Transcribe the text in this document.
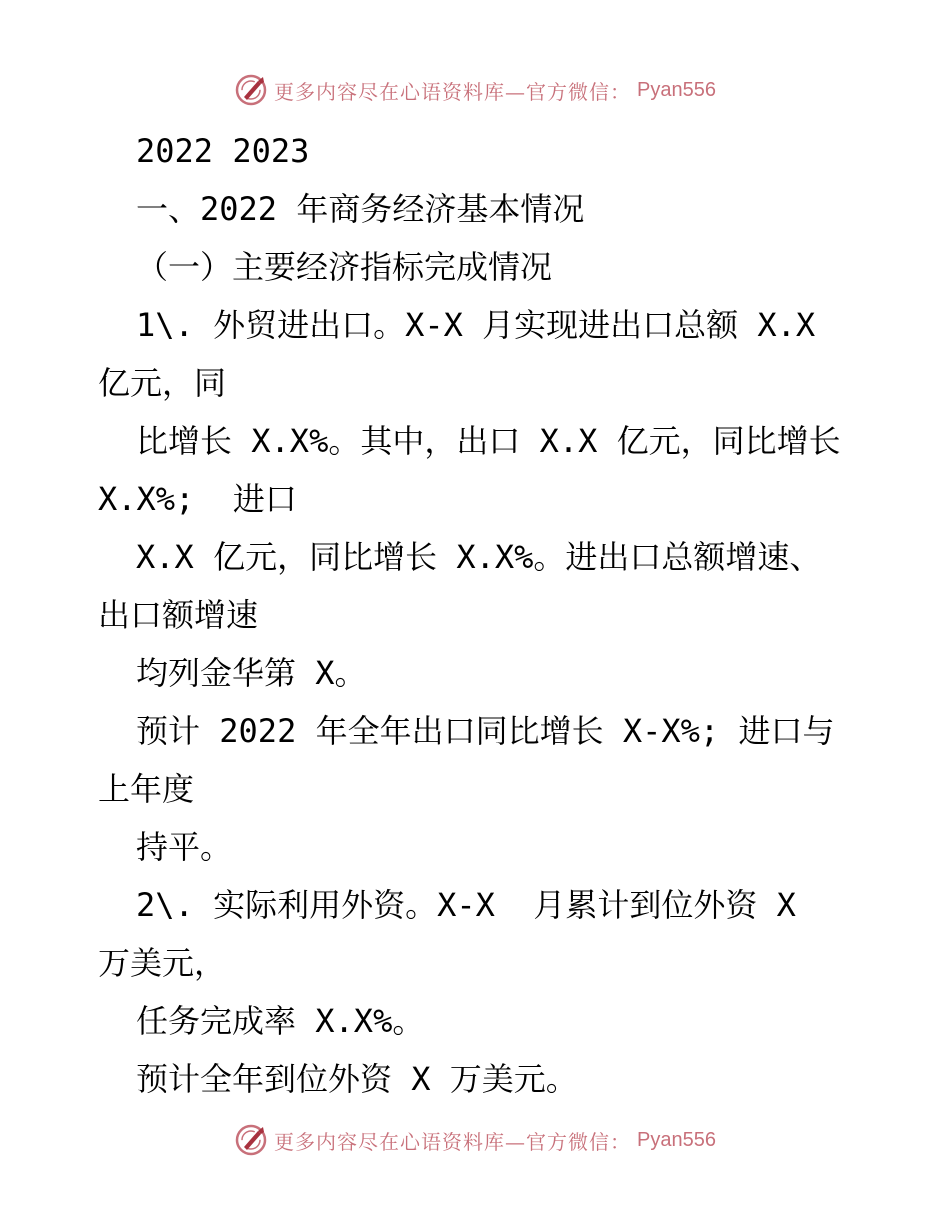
更多内容尽在心语资料库—官方微信： Pyan556
2022 2023
一、2022 年商务经济基本情况
（一）主要经济指标完成情况
1\. 外贸进出口。X-X 月实现进出口总额 X.X
亿元，同
比增长 X.X%。其中，出口 X.X 亿元，同比增长
X.X%;  进口
X.X 亿元，同比增长 X.X%。进出口总额增速、
出口额增速
均列金华第 X。
预计 2022 年全年出口同比增长 X-X%; 进口与
上年度
持平。
2\. 实际利用外资。X-X  月累计到位外资 X
万美元，
任务完成率 X.X%。
预计全年到位外资 X 万美元。
更多内容尽在心语资料库—官方微信： Pyan556
